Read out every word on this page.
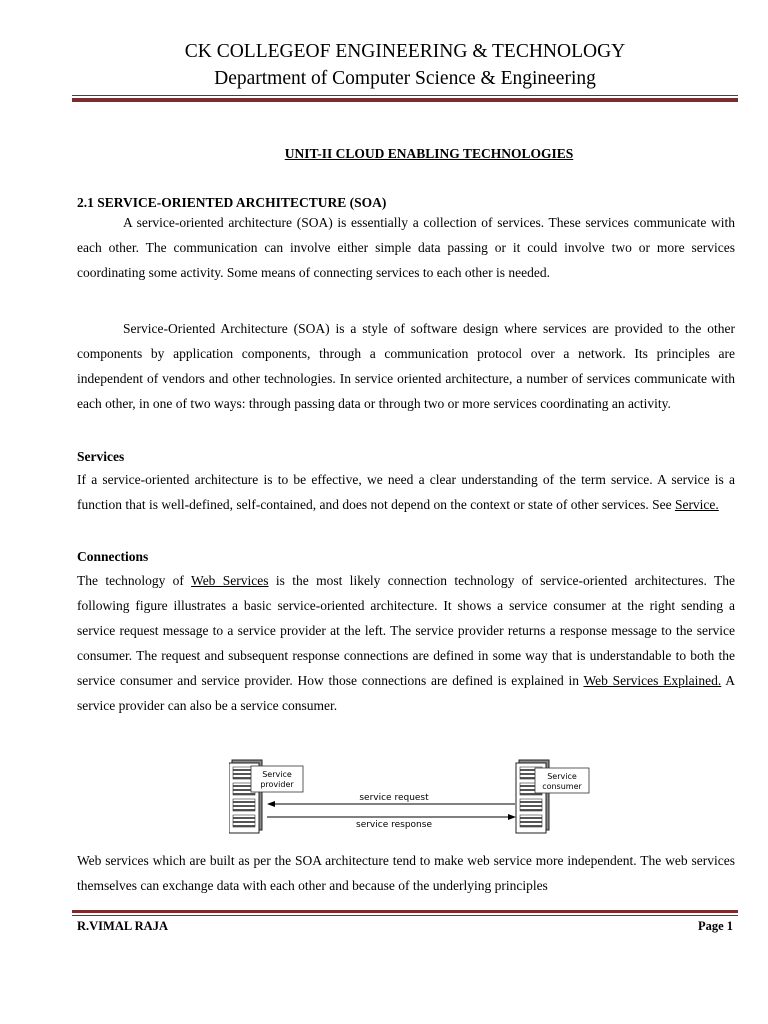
CK COLLEGEOF ENGINEERING & TECHNOLOGY
Department of Computer Science & Engineering
UNIT-II CLOUD ENABLING TECHNOLOGIES
2.1 SERVICE-ORIENTED ARCHITECTURE (SOA)

A service-oriented architecture (SOA) is essentially a collection of services. These services communicate with each other. The communication can involve either simple data passing or it could involve two or more services coordinating some activity. Some means of connecting services to each other is needed.

Service-Oriented Architecture (SOA) is a style of software design where services are provided to the other components by application components, through a communication protocol over a network. Its principles are independent of vendors and other technologies. In service oriented architecture, a number of services communicate with each other, in one of two ways: through passing data or through two or more services coordinating an activity.

Services

If a service-oriented architecture is to be effective, we need a clear understanding of the term service. A service is a function that is well-defined, self-contained, and does not depend on the context or state of other services. See Service.

Connections

The technology of Web Services is the most likely connection technology of service-oriented architectures. The following figure illustrates a basic service-oriented architecture. It shows a service consumer at the right sending a service request message to a service provider at the left. The service provider returns a response message to the service consumer. The request and subsequent response connections are defined in some way that is understandable to both the service consumer and service provider. How those connections are defined is explained in Web Services Explained. A service provider can also be a service consumer.

Service
provider
Service
consumer
service request
service response

Web services which are built as per the SOA architecture tend to make web service more independent. The web services themselves can exchange data with each other and because of the underlying principles

R.VIMAL RAJA	Page 1
